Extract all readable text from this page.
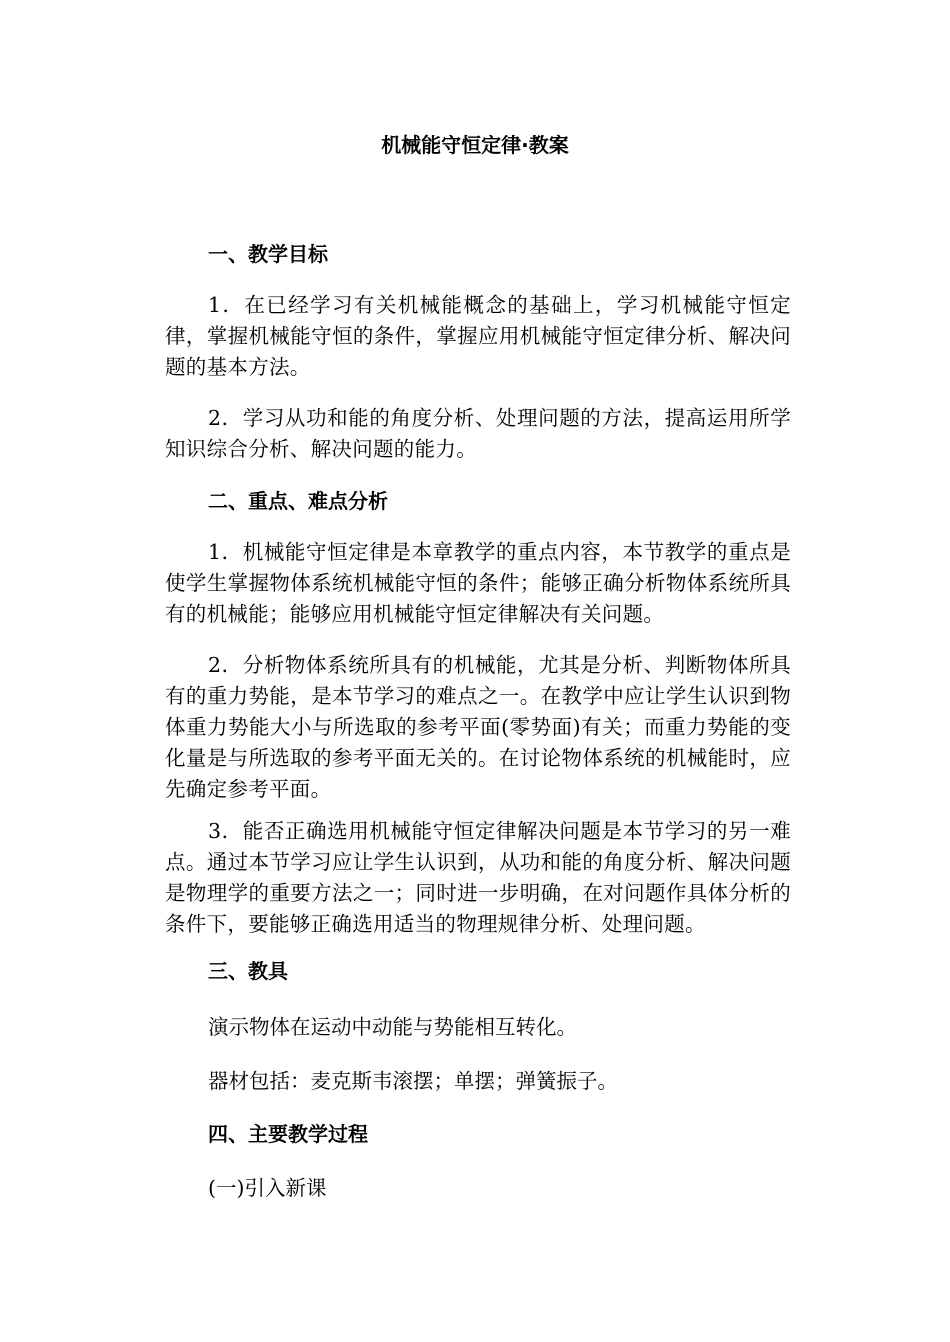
机械能守恒定律·教案
一、教学目标
1．在已经学习有关机械能概念的基础上，学习机械能守恒定律，掌握机械能守恒的条件，掌握应用机械能守恒定律分析、解决问题的基本方法。
2．学习从功和能的角度分析、处理问题的方法，提高运用所学知识综合分析、解决问题的能力。
二、重点、难点分析
1．机械能守恒定律是本章教学的重点内容，本节教学的重点是使学生掌握物体系统机械能守恒的条件；能够正确分析物体系统所具有的机械能；能够应用机械能守恒定律解决有关问题。
2．分析物体系统所具有的机械能，尤其是分析、判断物体所具有的重力势能，是本节学习的难点之一。在教学中应让学生认识到物体重力势能大小与所选取的参考平面(零势面)有关；而重力势能的变化量是与所选取的参考平面无关的。在讨论物体系统的机械能时，应先确定参考平面。
3．能否正确选用机械能守恒定律解决问题是本节学习的另一难点。通过本节学习应让学生认识到，从功和能的角度分析、解决问题是物理学的重要方法之一；同时进一步明确，在对问题作具体分析的条件下，要能够正确选用适当的物理规律分析、处理问题。
三、教具
演示物体在运动中动能与势能相互转化。
器材包括：麦克斯韦滚摆；单摆；弹簧振子。
四、主要教学过程
(一)引入新课
